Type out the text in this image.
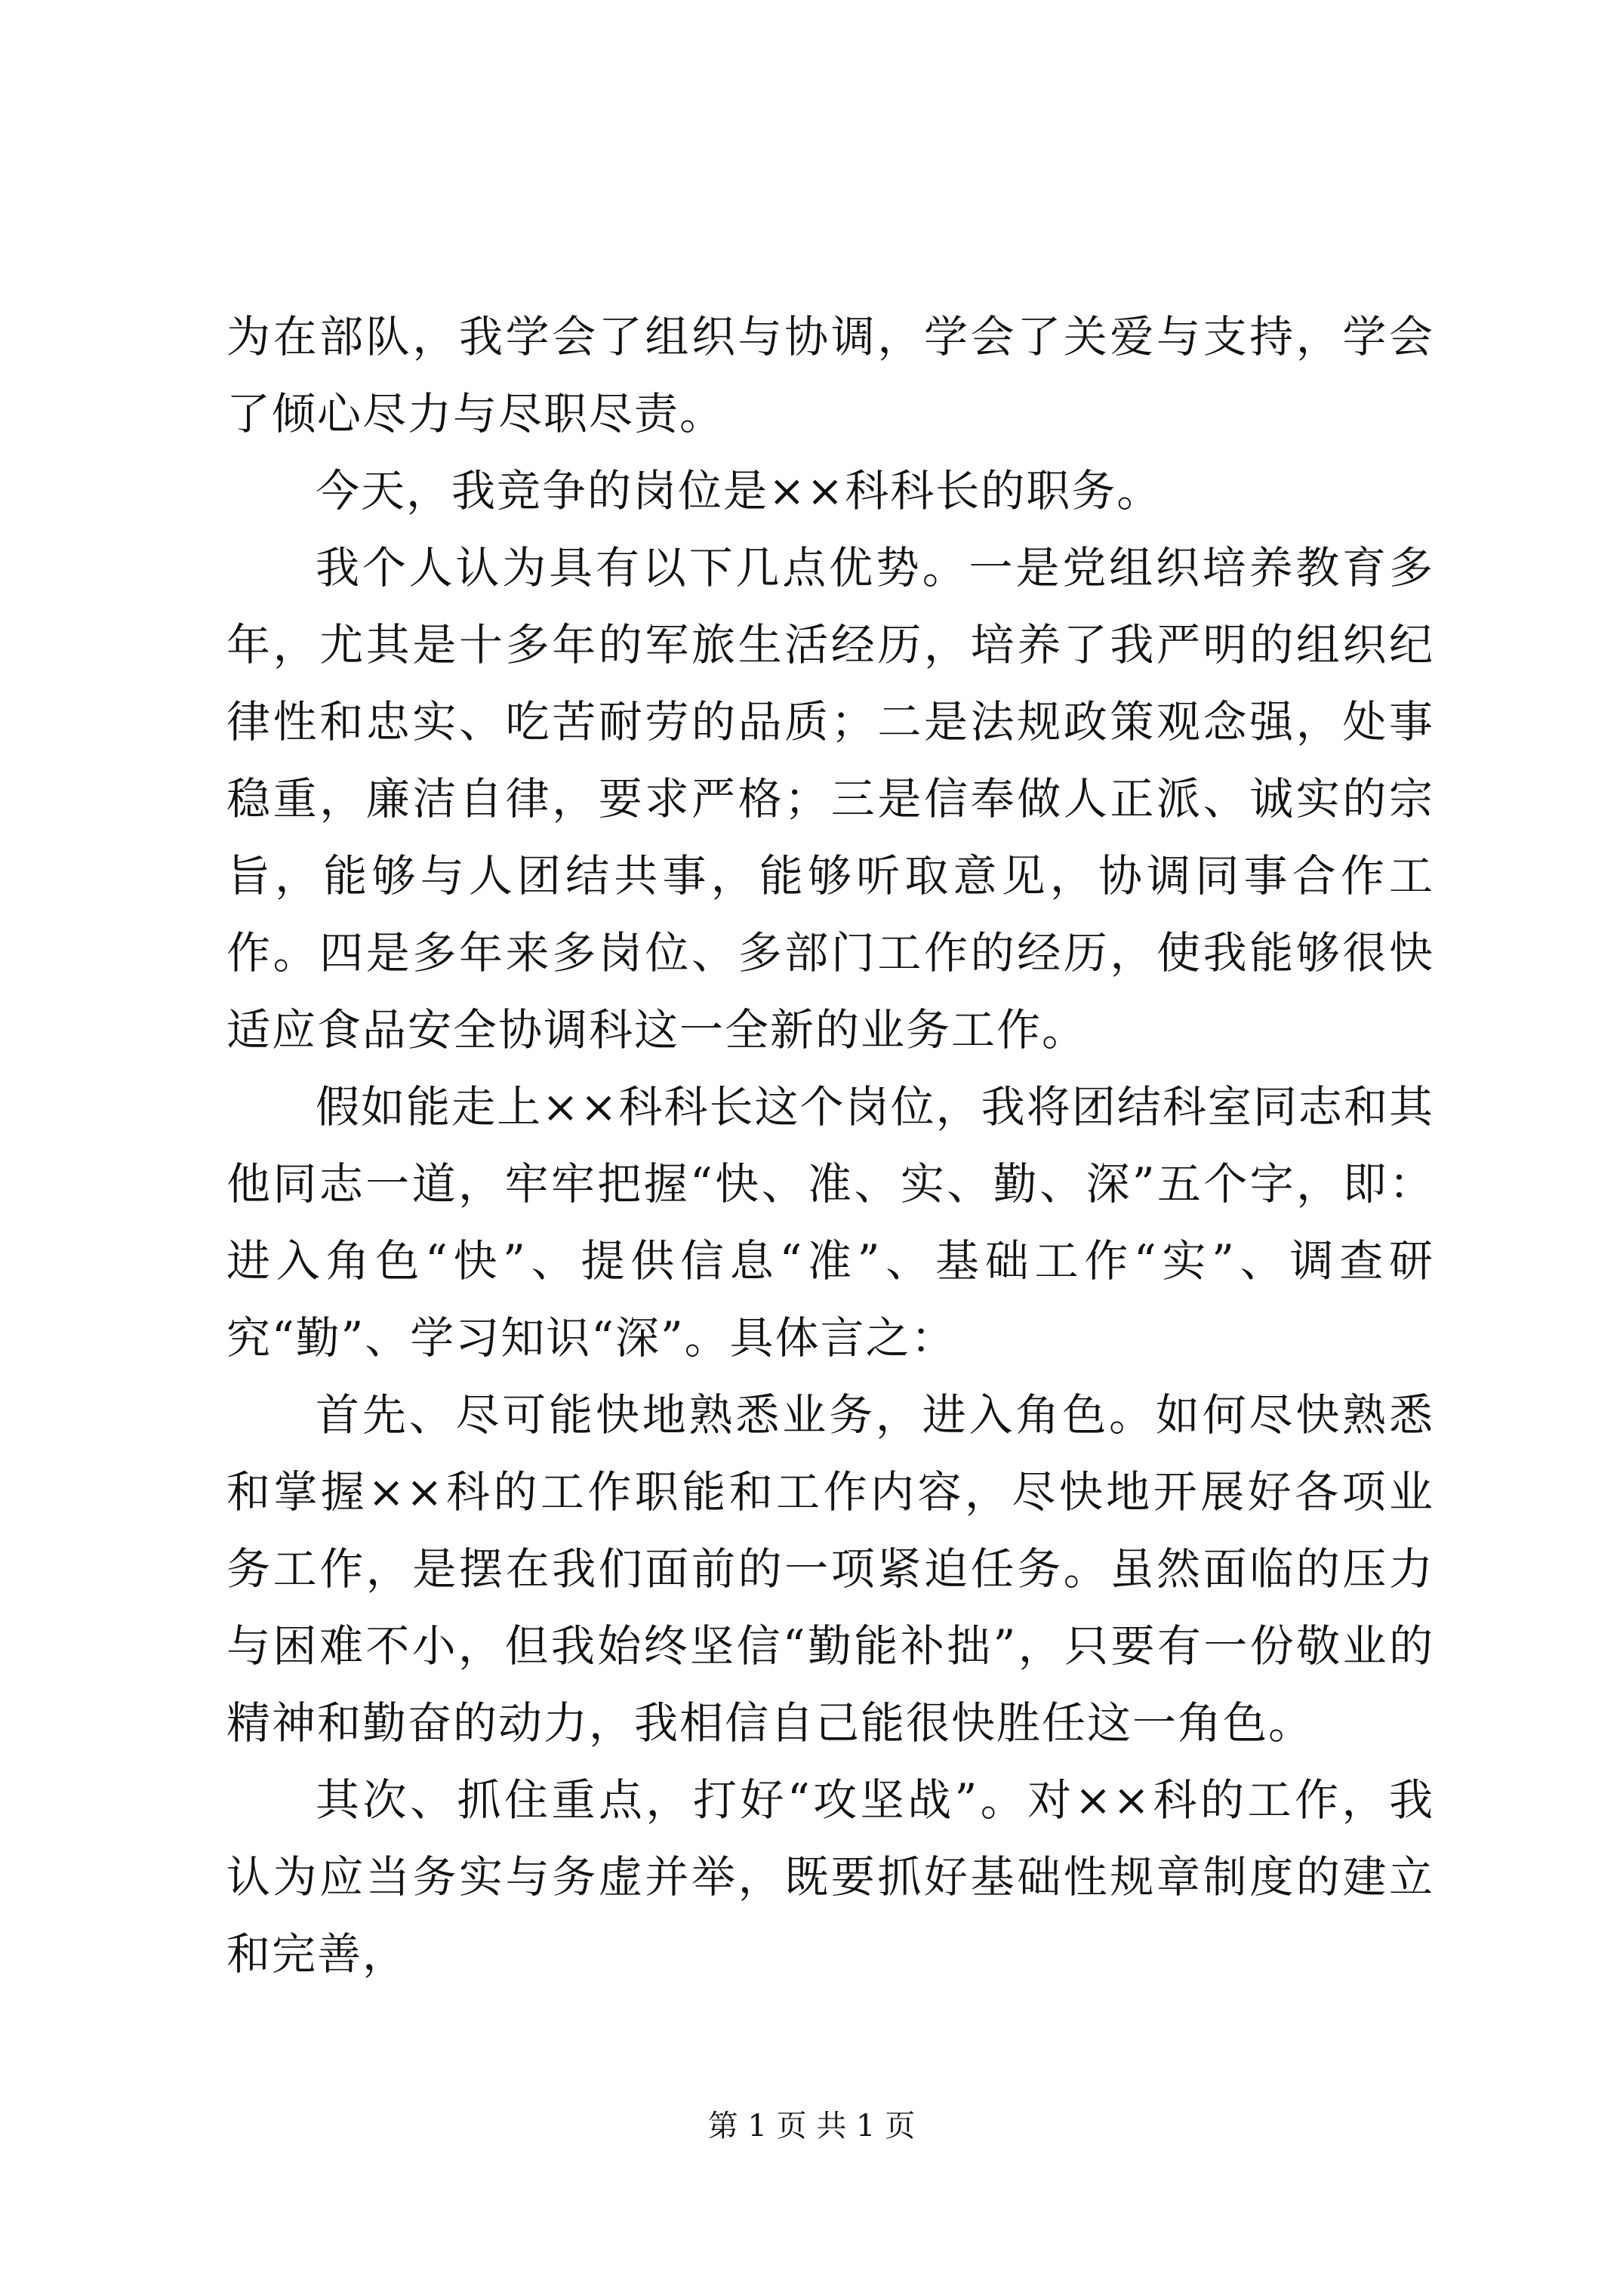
为在部队，我学会了组织与协调，学会了关爱与支持，学会了倾心尽力与尽职尽责。

今天，我竞争的岗位是××科科长的职务。

我个人认为具有以下几点优势。一是党组织培养教育多年，尤其是十多年的军旅生活经历，培养了我严明的组织纪律性和忠实、吃苦耐劳的品质；二是法规政策观念强，处事稳重，廉洁自律，要求严格；三是信奉做人正派、诚实的宗旨，能够与人团结共事，能够听取意见，协调同事合作工作。四是多年来多岗位、多部门工作的经历，使我能够很快适应食品安全协调科这一全新的业务工作。

假如能走上××科科长这个岗位，我将团结科室同志和其他同志一道，牢牢把握“快、准、实、勤、深”五个字，即：进入角色“快”、提供信息“准”、基础工作“实”、调查研究“勤”、学习知识“深”。具体言之：

首先、尽可能快地熟悉业务，进入角色。如何尽快熟悉和掌握××科的工作职能和工作内容，尽快地开展好各项业务工作，是摆在我们面前的一项紧迫任务。虽然面临的压力与困难不小，但我始终坚信“勤能补拙”，只要有一份敬业的精神和勤奋的动力，我相信自己能很快胜任这一角色。

其次、抓住重点，打好“攻坚战”。对××科的工作，我认为应当务实与务虚并举，既要抓好基础性规章制度的建立和完善，

第 1 页 共 1 页
